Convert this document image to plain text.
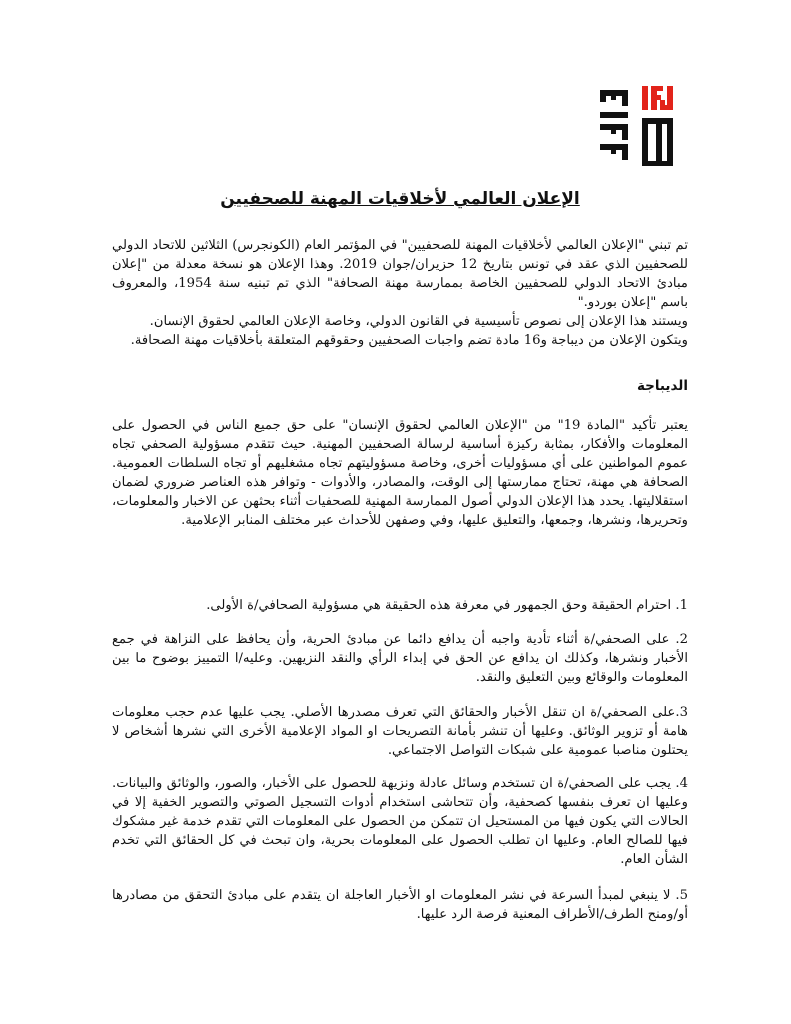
الإعلان العالمي لأخلاقيات المهنة للصحفيين

تم تبني "الإعلان العالمي لأخلاقيات المهنة للصحفيين" في المؤتمر العام (الكونجرس) الثلاثين للاتحاد الدولي للصحفيين الذي عقد في تونس بتاريخ 12 حزيران/جوان 2019. وهذا الإعلان هو نسخة معدلة من "إعلان مبادئ الاتحاد الدولي للصحفيين الخاصة بممارسة مهنة الصحافة" الذي تم تبنيه سنة 1954، والمعروف باسم "إعلان بوردو."

ويستند هذا الإعلان إلى نصوص تأسيسية في القانون الدولي، وخاصة الإعلان العالمي لحقوق الإنسان.

ويتكون الإعلان من ديباجة و16 مادة تضم واجبات الصحفيين وحقوقهم المتعلقة بأخلاقيات مهنة الصحافة.

الديباجة

يعتبر تأكيد "المادة 19" من "الإعلان العالمي لحقوق الإنسان" على حق جميع الناس في الحصول على المعلومات والأفكار، بمثابة ركيزة أساسية لرسالة الصحفيين المهنية. حيث تتقدم مسؤولية الصحفي تجاه عموم المواطنين على أي مسؤوليات أخرى، وخاصة مسؤوليتهم تجاه مشغليهم أو تجاه السلطات العمومية. الصحافة هي مهنة، تحتاج ممارستها إلى الوقت، والمصادر، والأدوات - وتوافر هذه العناصر ضروري لضمان استقلاليتها. يحدد هذا الإعلان الدولي أصول الممارسة المهنية للصحفيات أثناء بحثهن عن الاخبار والمعلومات، وتحريرها، ونشرها، وجمعها، والتعليق عليها، وفي وصفهن للأحداث عبر مختلف المنابر الإعلامية.

1. احترام الحقيقة وحق الجمهور في معرفة هذه الحقيقة هي مسؤولية الصحافي/ة الأولى.
2. على الصحفي/ة أثناء تأدية واجبه أن يدافع دائما عن مبادئ الحرية، وأن يحافظ على النزاهة في جمع الأخبار ونشرها، وكذلك ان يدافع عن الحق في إبداء الرأي والنقد النزيهين. وعليه/ا التمييز بوضوح ما بين المعلومات والوقائع وبين التعليق والنقد.
3.على الصحفي/ة ان تنقل الأخبار والحقائق التي تعرف مصدرها الأصلي. يجب عليها عدم حجب معلومات هامة أو تزوير الوثائق. وعليها أن تنشر بأمانة التصريحات او المواد الإعلامية الأخرى التي نشرها أشخاص لا يحتلون مناصبا عمومية على شبكات التواصل الاجتماعي.
4. يجب على الصحفي/ة ان تستخدم وسائل عادلة ونزيهة للحصول على الأخبار، والصور، والوثائق والبيانات. وعليها ان تعرف بنفسها كصحفية، وأن تتحاشى استخدام أدوات التسجيل الصوتي والتصوير الخفية إلا في الحالات التي يكون فيها من المستحيل ان تتمكن من الحصول على المعلومات التي تقدم خدمة غير مشكوك فيها للصالح العام. وعليها ان تطلب الحصول على المعلومات بحرية، وان تبحث في كل الحقائق التي تخدم الشأن العام.
5. لا ينبغي لمبدأ السرعة في نشر المعلومات او الأخبار العاجلة ان يتقدم على مبادئ التحقق من مصادرها أو/ومنح الطرف/الأطراف المعنية فرصة الرد عليها.
